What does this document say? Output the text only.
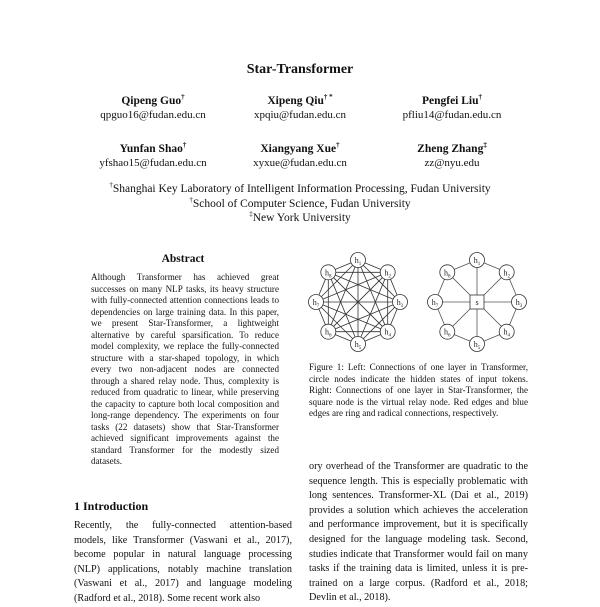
Star-Transformer
Qipeng Guo†
qpguo16@fudan.edu.cn
Xipeng Qiu† *
xpqiu@fudan.edu.cn
Pengfei Liu†
pfliu14@fudan.edu.cn
Yunfan Shao†
yfshao15@fudan.edu.cn
Xiangyang Xue†
xyxue@fudan.edu.cn
Zheng Zhang‡
zz@nyu.edu
†Shanghai Key Laboratory of Intelligent Information Processing, Fudan University
†School of Computer Science, Fudan University
‡New York University
Abstract
Although Transformer has achieved great successes on many NLP tasks, its heavy structure with fully-connected attention connections leads to dependencies on large training data. In this paper, we present Star-Transformer, a lightweight alternative by careful sparsification. To reduce model complexity, we replace the fully-connected structure with a star-shaped topology, in which every two non-adjacent nodes are connected through a shared relay node. Thus, complexity is reduced from quadratic to linear, while preserving the capacity to capture both local composition and long-range dependency. The experiments on four tasks (22 datasets) show that Star-Transformer achieved significant improvements against the standard Transformer for the modestly sized datasets.
1 Introduction
Recently, the fully-connected attention-based models, like Transformer (Vaswani et al., 2017), become popular in natural language processing (NLP) applications, notably machine translation (Vaswani et al., 2017) and language modeling (Radford et al., 2018). Some recent work also
ory overhead of the Transformer are quadratic to the sequence length. This is especially problematic with long sentences. Transformer-XL (Dai et al., 2019) provides a solution which achieves the acceleration and performance improvement, but it is specifically designed for the language modeling task. Second, studies indicate that Transformer would fail on many tasks if the training data is limited, unless it is pre-trained on a large corpus. (Radford et al., 2018; Devlin et al., 2018).
$h_1$
$h_2$
$h_3$
$h_4$
$h_5$
$h_6$
$h_7$
$h_8$
s
$h_1$
$h_2$
$h_3$
$h_4$
$h_5$
$h_6$
$h_7$
$h_8$
Figure 1: Left: Connections of one layer in Transformer, circle nodes indicate the hidden states of input tokens. Right: Connections of one layer in Star-Transformer, the square node is the virtual relay node. Red edges and blue edges are ring and radical connections, respectively.
